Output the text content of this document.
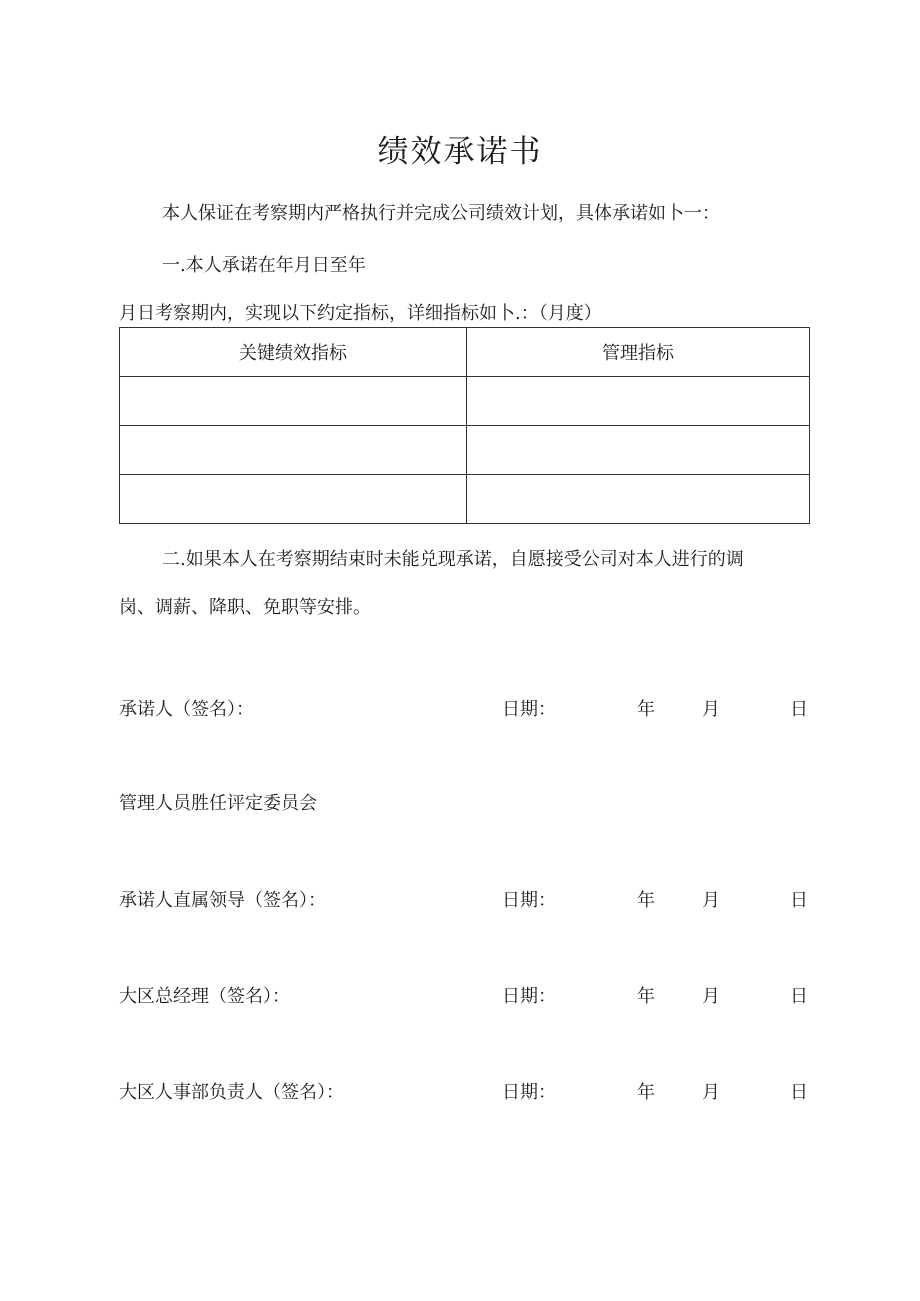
绩效承诺书
本人保证在考察期内严格执行并完成公司绩效计划，具体承诺如卜一：
一.本人承诺在年月日至年
月日考察期内，实现以下约定指标，详细指标如卜.：（月度）
关键绩效指标	管理指标

二.如果本人在考察期结束时未能兑现承诺，自愿接受公司对本人进行的调
岗、调薪、降职、免职等安排。
承诺人（签名）：	日期：	年	月	日
管理人员胜任评定委员会
承诺人直属领导（签名）：	日期：	年	月	日
大区总经理（签名）：	日期：	年	月	日
大区人事部负责人（签名）：	日期：	年	月	日
